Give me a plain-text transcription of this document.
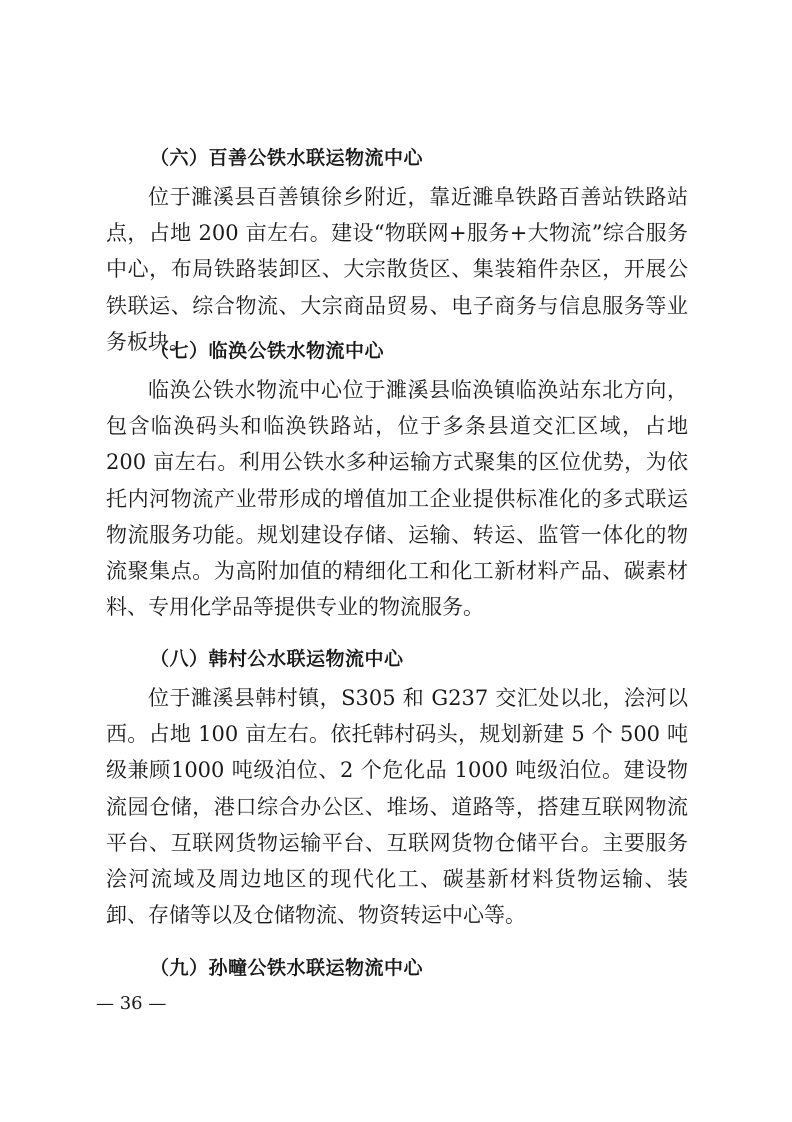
（六）百善公铁水联运物流中心
位于濉溪县百善镇徐乡附近，靠近濉阜铁路百善站铁路站点，占地 200 亩左右。建设“物联网+服务+大物流”综合服务中心，布局铁路装卸区、大宗散货区、集装箱件杂区，开展公铁联运、综合物流、大宗商品贸易、电子商务与信息服务等业务板块。
（七）临涣公铁水物流中心
临涣公铁水物流中心位于濉溪县临涣镇临涣站东北方向，包含临涣码头和临涣铁路站，位于多条县道交汇区域，占地 200 亩左右。利用公铁水多种运输方式聚集的区位优势，为依托内河物流产业带形成的增值加工企业提供标准化的多式联运物流服务功能。规划建设存储、运输、转运、监管一体化的物流聚集点。为高附加值的精细化工和化工新材料产品、碳素材料、专用化学品等提供专业的物流服务。
（八）韩村公水联运物流中心
位于濉溪县韩村镇，S305 和 G237 交汇处以北，浍河以西。占地 100 亩左右。依托韩村码头，规划新建 5 个 500 吨级兼顾1000 吨级泊位、2 个危化品 1000 吨级泊位。建设物流园仓储，港口综合办公区、堆场、道路等，搭建互联网物流平台、互联网货物运输平台、互联网货物仓储平台。主要服务浍河流域及周边地区的现代化工、碳基新材料货物运输、装卸、存储等以及仓储物流、物资转运中心等。
（九）孙疃公铁水联运物流中心
— 36 —
